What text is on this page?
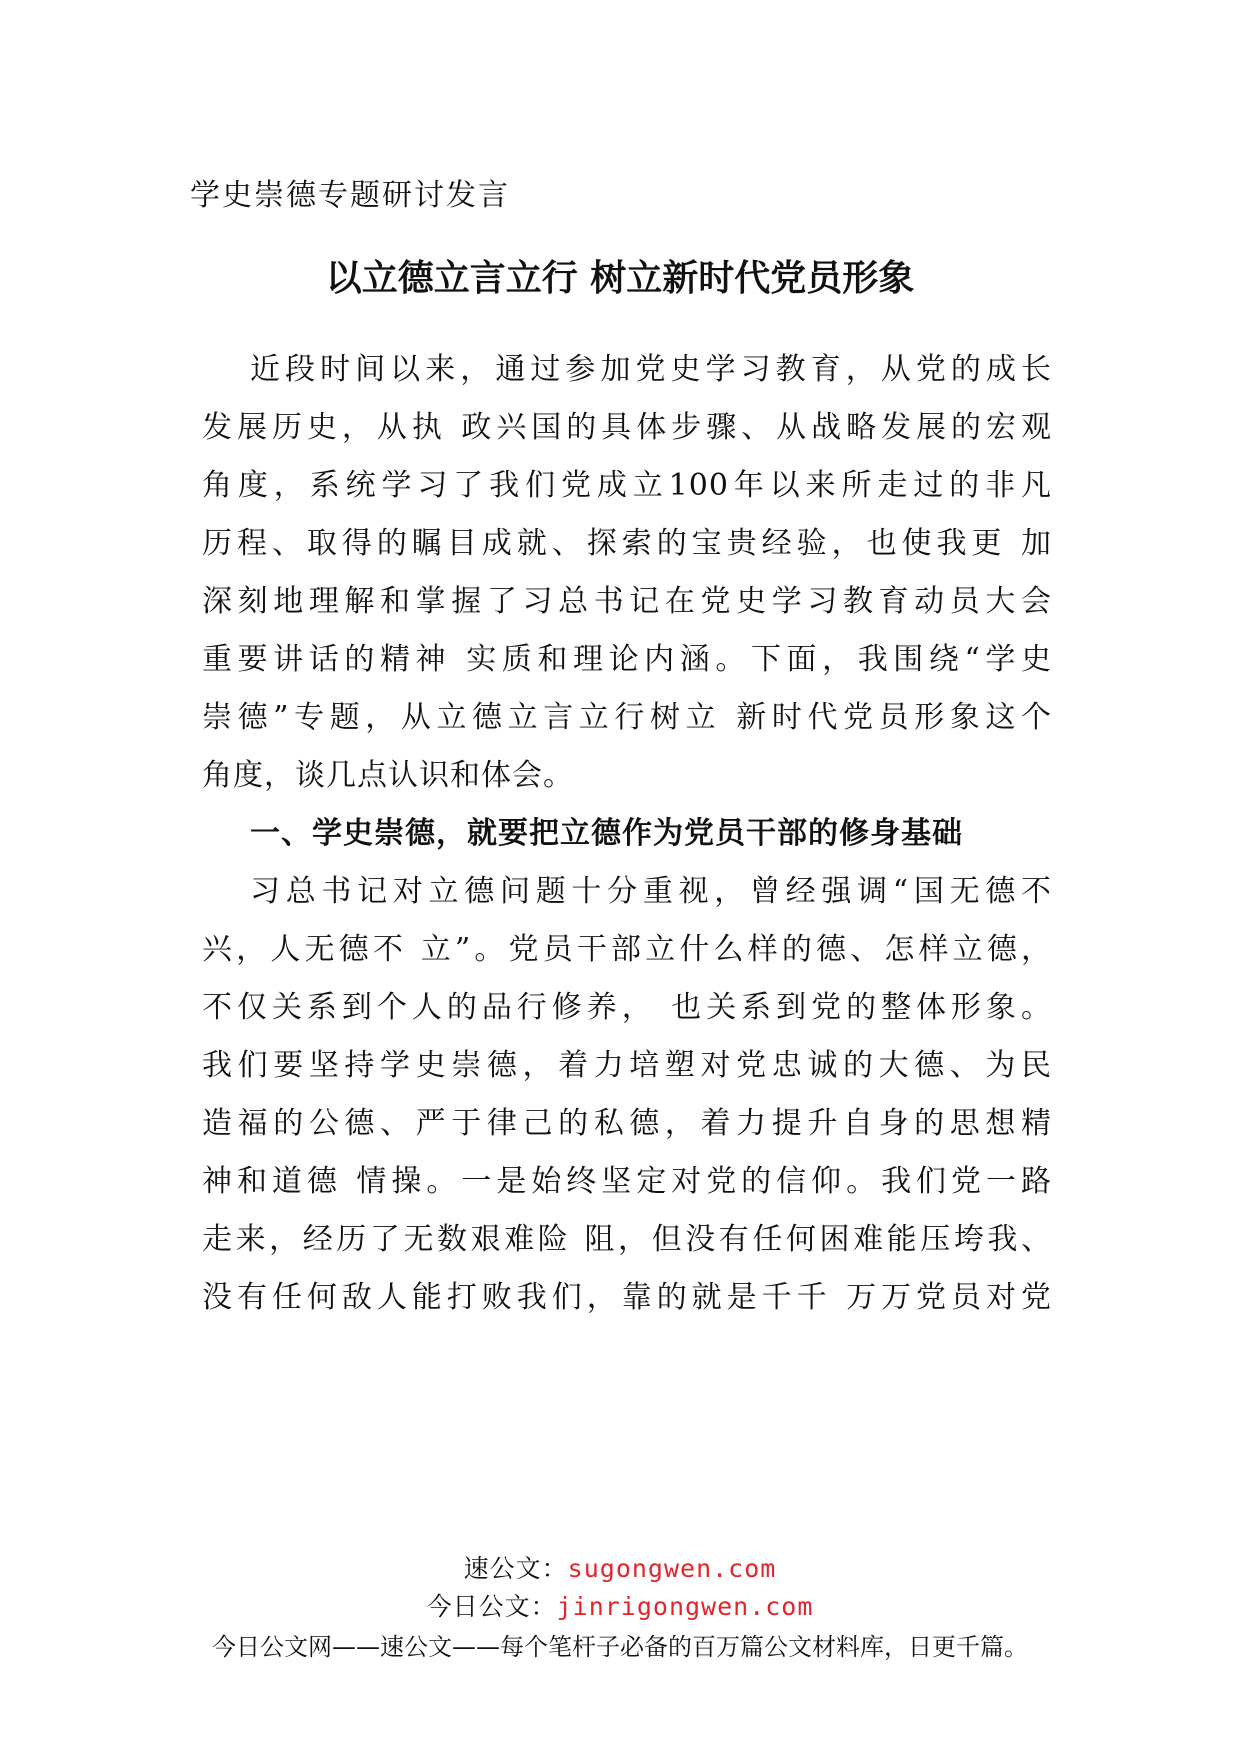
学史崇德专题研讨发言
以立德立言立行 树立新时代党员形象
近段时间以来，通过参加党史学习教育，从党的成长
发展历史，从执 政兴国的具体步骤、从战略发展的宏观
角度，系统学习了我们党成立100年以来所走过的非凡
历程、取得的瞩目成就、探索的宝贵经验，也使我更 加
深刻地理解和掌握了习总书记在党史学习教育动员大会
重要讲话的精神 实质和理论内涵。下面，我围绕“学史
崇德”专题，从立德立言立行树立 新时代党员形象这个
角度，谈几点认识和体会。
一、学史崇德，就要把立德作为党员干部的修身基础
习总书记对立德问题十分重视，曾经强调“国无德不
兴，人无德不 立”。党员干部立什么样的德、怎样立德，
不仅关系到个人的品行修养， 也关系到党的整体形象。
我们要坚持学史崇德，着力培塑对党忠诚的大德、为民
造福的公德、严于律己的私德，着力提升自身的思想精
神和道德 情操。一是始终坚定对党的信仰。我们党一路
走来，经历了无数艰难险 阻，但没有任何困难能压垮我、
没有任何敌人能打败我们，靠的就是千千 万万党员对党
速公文：sugongwen.com
今日公文：jinrigongwen.com
今日公文网——速公文——每个笔杆子必备的百万篇公文材料库，日更千篇。
